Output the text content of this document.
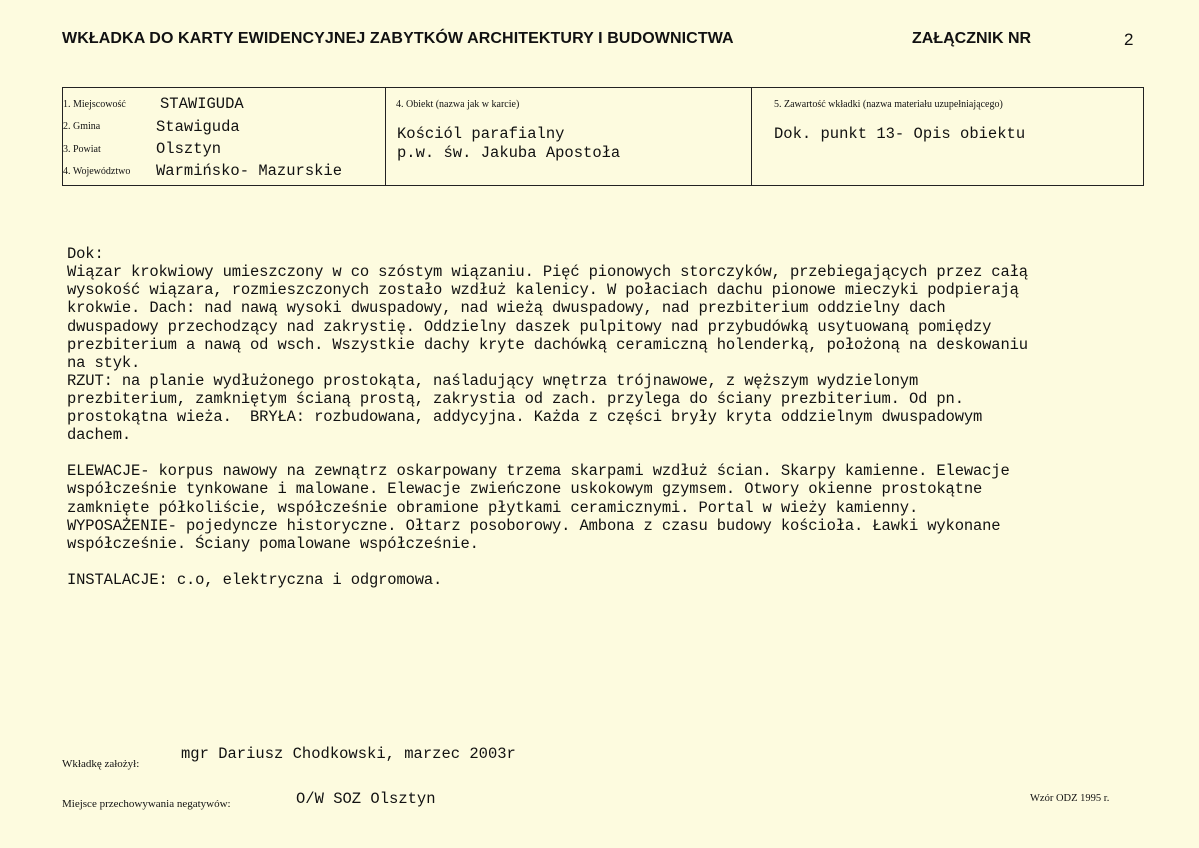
WKŁADKA DO KARTY EWIDENCYJNEJ ZABYTKÓW ARCHITEKTURY I BUDOWNICTWA	ZAŁĄCZNIK NR	2
1. Miejscowość STAWIGUDA
2. Gmina	Stawiguda
3. Powiat	Olsztyn
4. Województwo Warmińsko- Mazurskie
4. Obiekt (nazwa jak w karcie)
Kościól parafialny
p.w. św. Jakuba Apostoła
5. Zawartość wkładki (nazwa materiału uzupełniającego)
Dok. punkt 13- Opis obiektu

Dok:
Wiązar krokwiowy umieszczony w co szóstym wiązaniu. Pięć pionowych storczyków, przebiegających przez całą
wysokość wiązara, rozmieszczonych zostało wzdłuż kalenicy. W połaciach dachu pionowe mieczyki podpierają
krokwie. Dach: nad nawą wysoki dwuspadowy, nad wieżą dwuspadowy, nad prezbiterium oddzielny dach
dwuspadowy przechodzący nad zakrystię. Oddzielny daszek pulpitowy nad przybudówką usytuowaną pomiędzy
prezbiterium a nawą od wsch. Wszystkie dachy kryte dachówką ceramiczną holenderką, położoną na deskowaniu
na styk.
RZUT: na planie wydłużonego prostokąta, naśladujący wnętrza trójnawowe, z węższym wydzielonym
prezbiterium, zamkniętym ścianą prostą, zakrystia od zach. przylega do ściany prezbiterium. Od pn.
prostokątna wieża.  BRYŁA: rozbudowana, addycyjna. Każda z części bryły kryta oddzielnym dwuspadowym
dachem.
ELEWACJE- korpus nawowy na zewnątrz oskarpowany trzema skarpami wzdłuż ścian. Skarpy kamienne. Elewacje
współcześnie tynkowane i malowane. Elewacje zwieńczone uskokowym gzymsem. Otwory okienne prostokątne
zamknięte półkoliście, współcześnie obramione płytkami ceramicznymi. Portal w wieży kamienny.
WYPOSAŻENIE- pojedyncze historyczne. Ołtarz posoborowy. Ambona z czasu budowy kościoła. Ławki wykonane
współcześnie. Ściany pomalowane współcześnie.
INSTALACJE: c.o, elektryczna i odgromowa.

Wkładkę założył:
mgr Dariusz Chodkowski, marzec 2003r
Miejsce przechowywania negatywów:	O/W SOZ Olsztyn	Wzór ODZ 1995 r.
